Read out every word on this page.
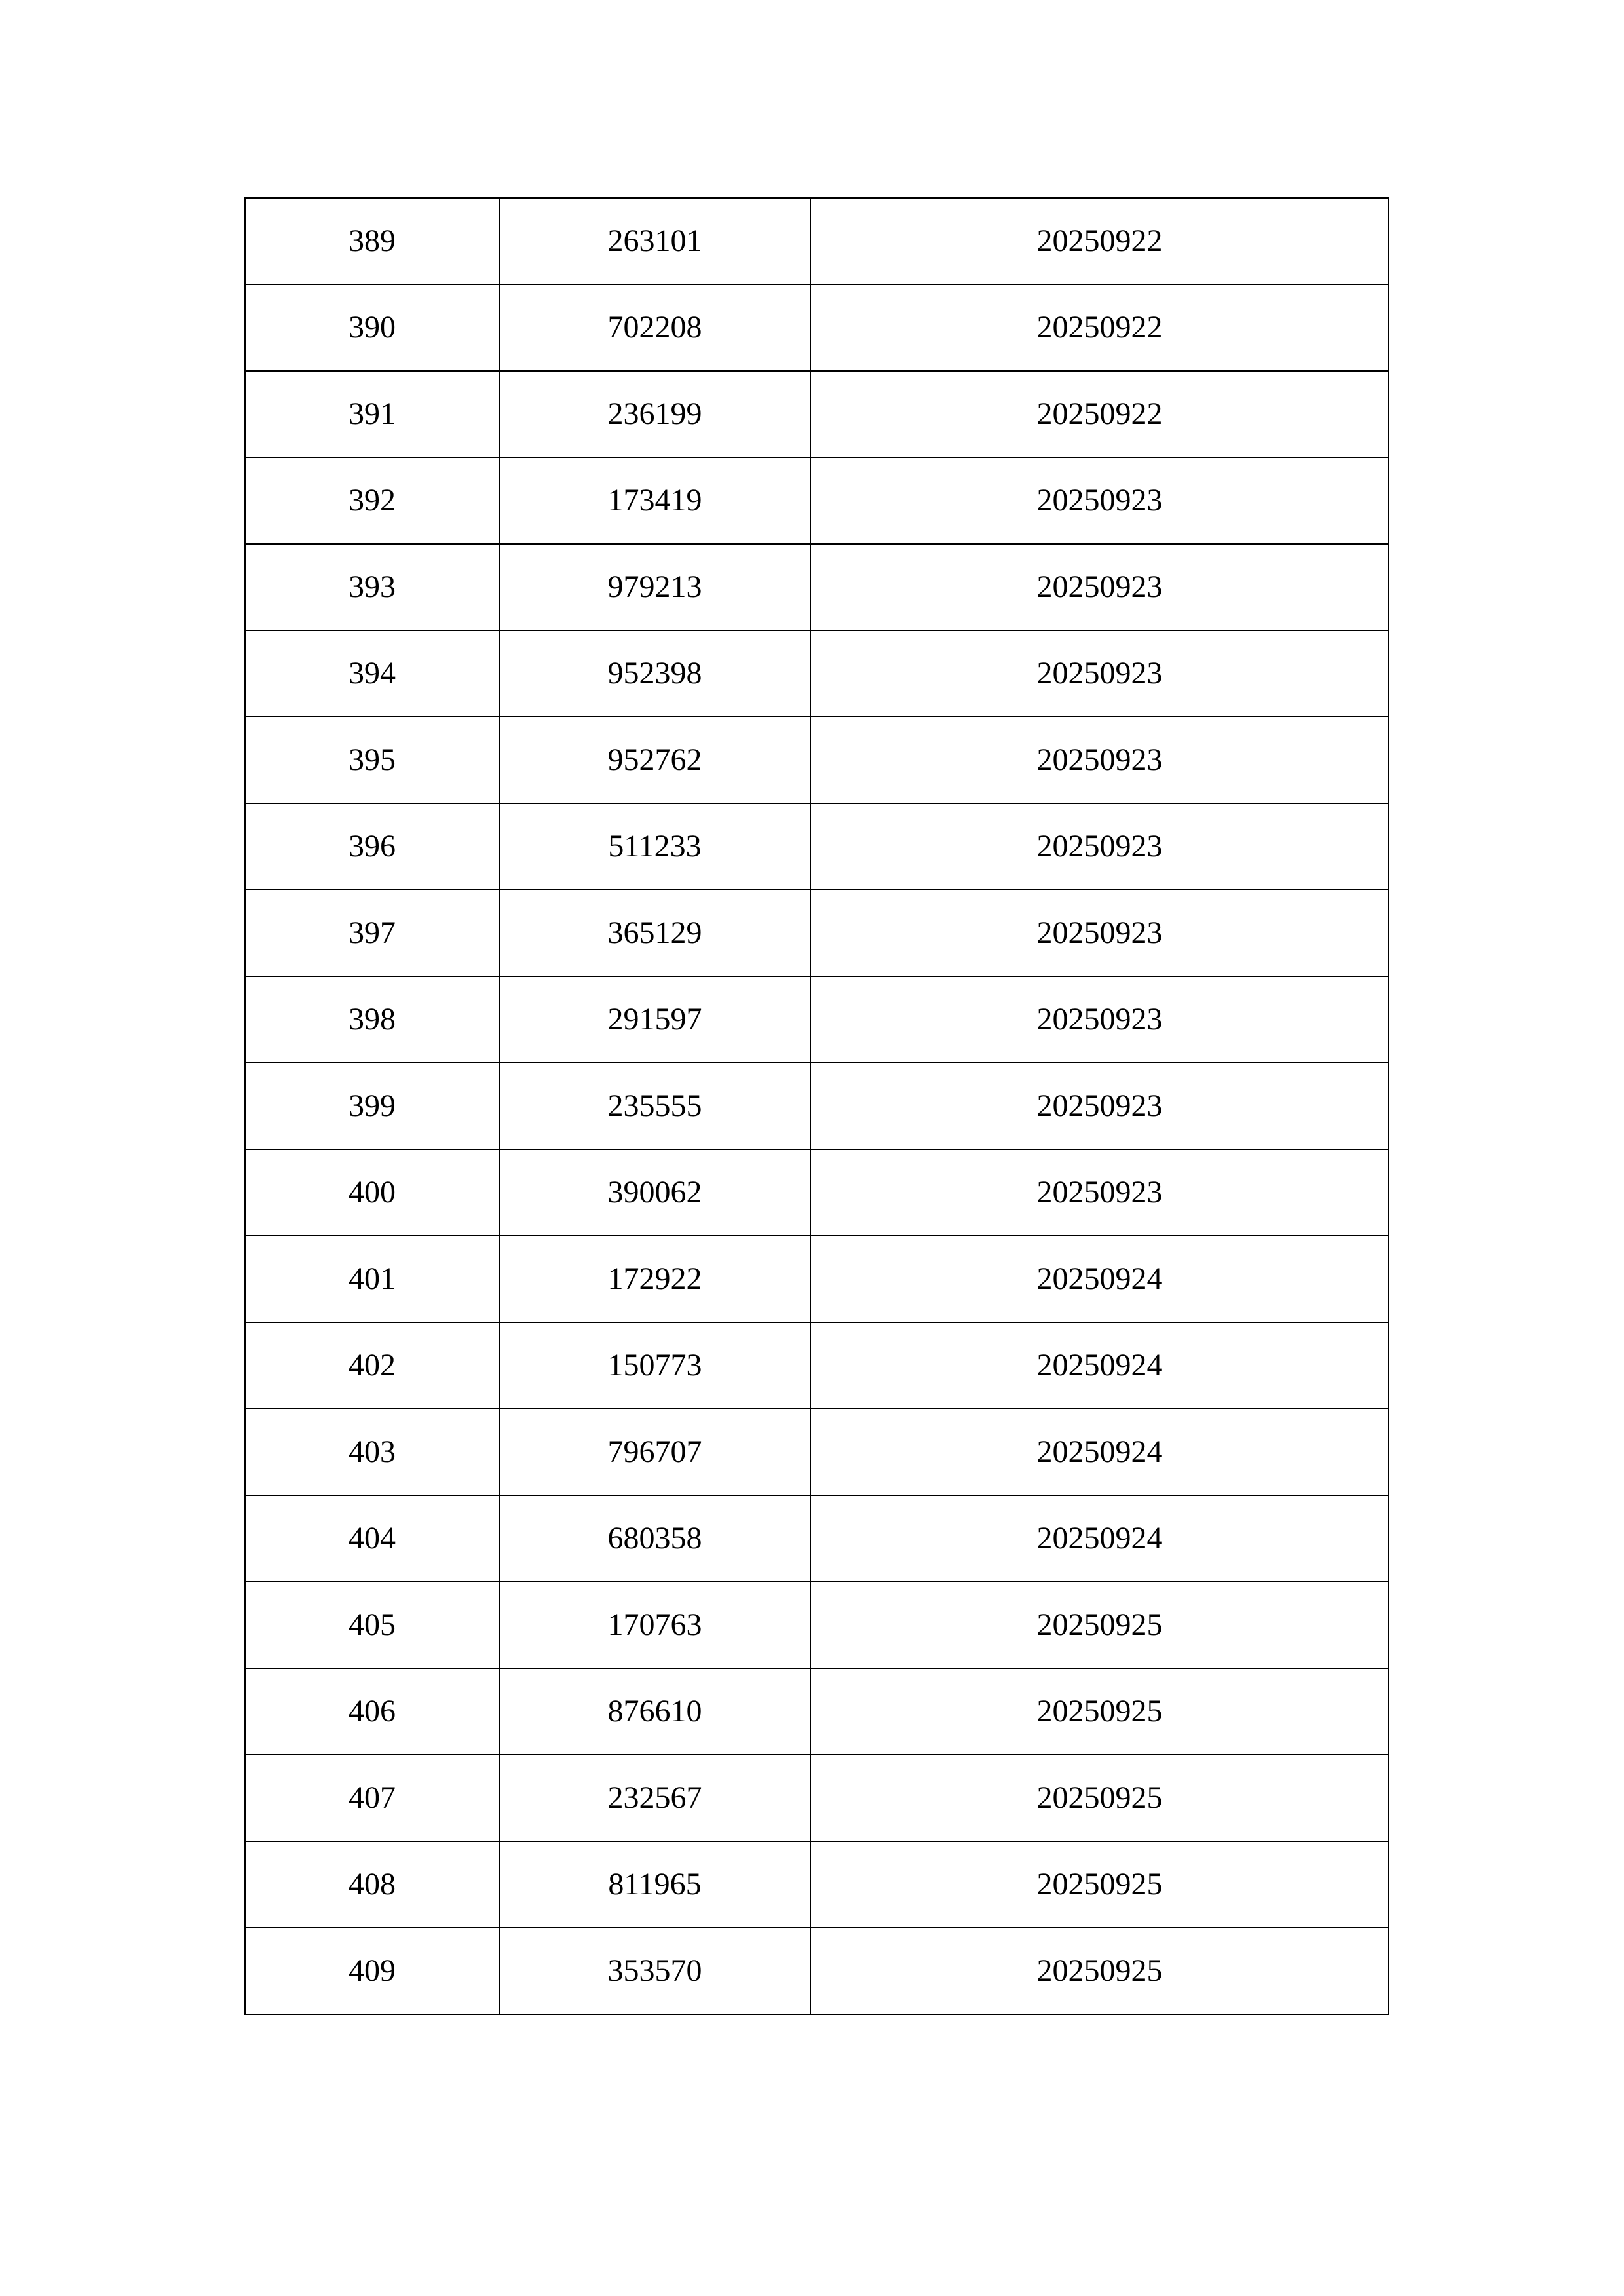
389	263101	20250922
390	702208	20250922
391	236199	20250922
392	173419	20250923
393	979213	20250923
394	952398	20250923
395	952762	20250923
396	511233	20250923
397	365129	20250923
398	291597	20250923
399	235555	20250923
400	390062	20250923
401	172922	20250924
402	150773	20250924
403	796707	20250924
404	680358	20250924
405	170763	20250925
406	876610	20250925
407	232567	20250925
408	811965	20250925
409	353570	20250925
